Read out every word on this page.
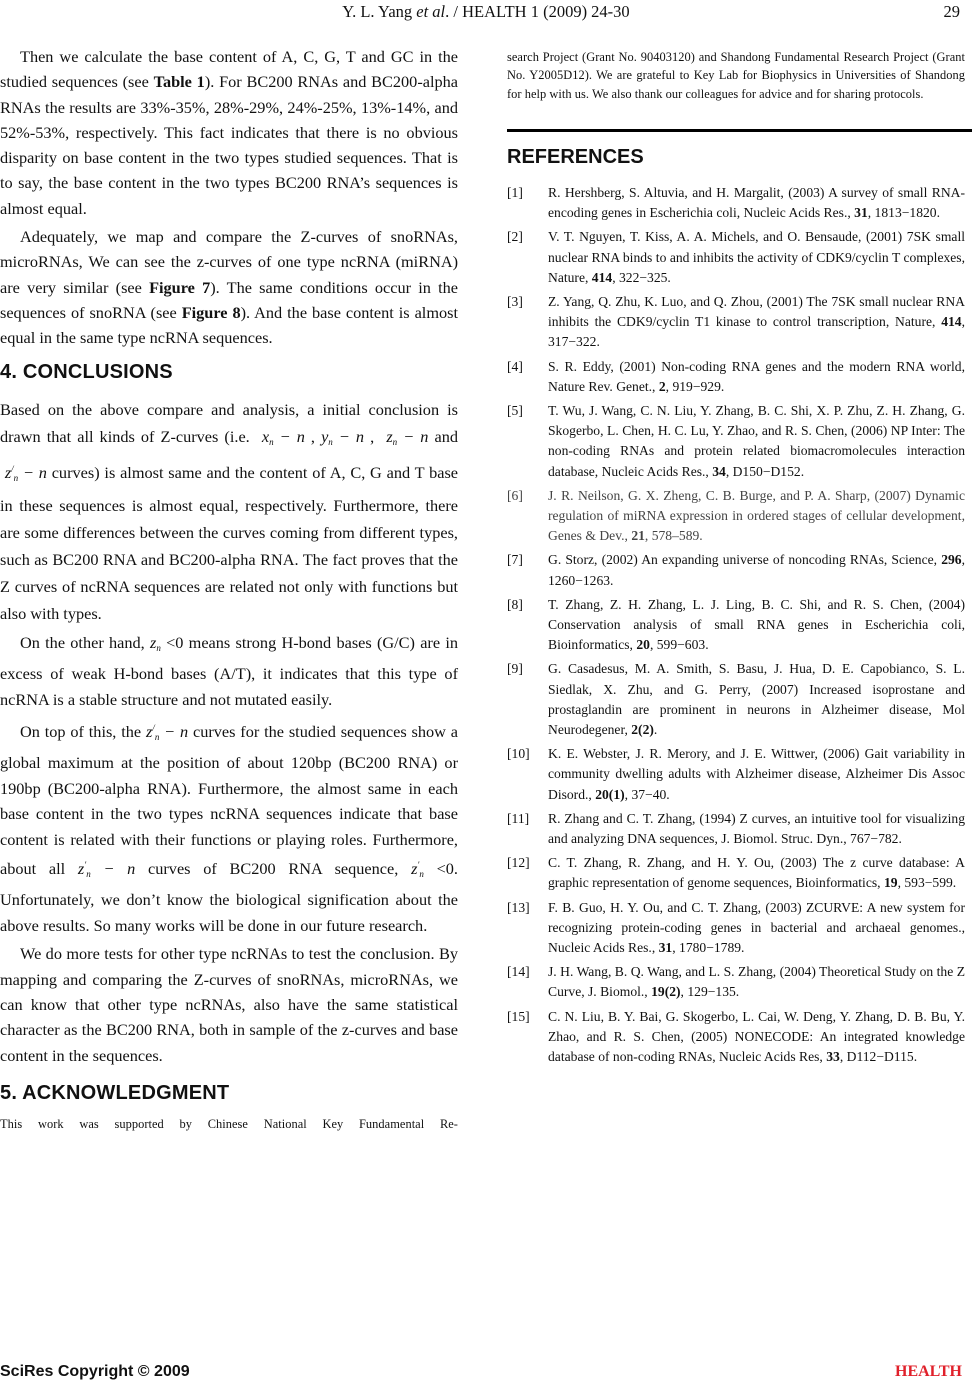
Y. L. Yang et al. / HEALTH 1 (2009) 24-30	29

Then we calculate the base content of A, C, G, T and GC in the studied sequences (see Table 1). For BC200 RNAs and BC200-alpha RNAs the results are 33%-35%, 28%-29%, 24%-25%, 13%-14%, and 52%-53%, respectively. This fact indicates that there is no obvious disparity on base content in the two types studied sequences. That is to say, the base content in the two types BC200 RNA’s sequences is almost equal.

Adequately, we map and compare the Z-curves of snoRNAs, microRNAs, We can see the z-curves of one type ncRNA (miRNA) are very similar (see Figure 7). The same conditions occur in the sequences of snoRNA (see Figure 8). And the base content is almost equal in the same type ncRNA sequences.

4. CONCLUSIONS

Based on the above compare and analysis, a initial conclusion is drawn that all kinds of Z-curves (i.e.  $x_n - n$ , $y_n - n$ ,  $z_n - n$ and  $z^/_n - n$ curves) is almost same and the content of A, C, G and T base in these sequences is almost equal, respectively. Furthermore, there are some differences between the curves coming from different types, such as BC200 RNA and BC200-alpha RNA. The fact proves that the Z curves of ncRNA sequences are related not only with functions but also with types.

On the other hand, $z_n <0$ means strong H-bond bases (G/C) are in excess of weak H-bond bases (A/T), it indicates that this type of ncRNA is a stable structure and not mutated easily.

On top of this, the $z^/_n - n$ curves for the studied sequences show a global maximum at the position of about 120bp (BC200 RNA) or 190bp (BC200-alpha RNA). Furthermore, the almost same in each base content in the two types ncRNA sequences indicate that base content is related with their functions or playing roles. Furthermore, about all $z'_n - n$ curves of BC200 RNA sequence, $z'_n <0$. Unfortunately, we don’t know the biological signification about the above results. So many works will be done in our future research.

We do more tests for other type ncRNAs to test the conclusion. By mapping and comparing the Z-curves of snoRNAs, microRNAs, we can know that other type ncRNAs, also have the same statistical character as the BC200 RNA, both in sample of the z-curves and base content in the sequences.

5. ACKNOWLEDGMENT

This work was supported by Chinese National Key Fundamental Re-

search Project (Grant No. 90403120) and Shandong Fundamental Research Project (Grant No. Y2005D12). We are grateful to Key Lab for Biophysics in Universities of Shandong for help with us. We also thank our colleagues for advice and for sharing protocols.

REFERENCES
[1]	R. Hershberg, S. Altuvia, and H. Margalit, (2003) A survey of small RNA-encoding genes in Escherichia coli, Nucleic Acids Res., 31, 1813−1820.
[2]	V. T. Nguyen, T. Kiss, A. A. Michels, and O. Bensaude, (2001) 7SK small nuclear RNA binds to and inhibits the activity of CDK9/cyclin T complexes, Nature, 414, 322−325.
[3]	Z. Yang, Q. Zhu, K. Luo, and Q. Zhou, (2001) The 7SK small nuclear RNA inhibits the CDK9/cyclin T1 kinase to control transcription, Nature, 414, 317−322.
[4]	S. R. Eddy, (2001) Non-coding RNA genes and the modern RNA world, Nature Rev. Genet., 2, 919−929.
[5]	T. Wu, J. Wang, C. N. Liu, Y. Zhang, B. C. Shi, X. P. Zhu, Z. H. Zhang, G. Skogerbo, L. Chen, H. C. Lu, Y. Zhao, and R. S. Chen, (2006) NP Inter: The non-coding RNAs and protein related biomacromolecules interaction database, Nucleic Acids Res., 34, D150−D152.
[6]	J. R. Neilson, G. X. Zheng, C. B. Burge, and P. A. Sharp, (2007) Dynamic regulation of miRNA expression in ordered stages of cellular development, Genes & Dev., 21, 578–589.
[7]	G. Storz, (2002) An expanding universe of noncoding RNAs, Science, 296, 1260−1263.
[8]	T. Zhang, Z. H. Zhang, L. J. Ling, B. C. Shi, and R. S. Chen, (2004) Conservation analysis of small RNA genes in Escherichia coli, Bioinformatics, 20, 599−603.
[9]	G. Casadesus, M. A. Smith, S. Basu, J. Hua, D. E. Capobianco, S. L. Siedlak, X. Zhu, and G. Perry, (2007) Increased isoprostane and prostaglandin are prominent in neurons in Alzheimer disease, Mol Neurodegener, 2(2).
[10]	K. E. Webster, J. R. Merory, and J. E. Wittwer, (2006) Gait variability in community dwelling adults with Alzheimer disease, Alzheimer Dis Assoc Disord., 20(1), 37−40.
[11]	R. Zhang and C. T. Zhang, (1994) Z curves, an intuitive tool for visualizing and analyzing DNA sequences, J. Biomol. Struc. Dyn., 767−782.
[12]	C. T. Zhang, R. Zhang, and H. Y. Ou, (2003) The z curve database: A graphic representation of genome sequences, Bioinformatics, 19, 593−599.
[13]	F. B. Guo, H. Y. Ou, and C. T. Zhang, (2003) ZCURVE: A new system for recognizing protein-coding genes in bacterial and archaeal genomes., Nucleic Acids Res., 31, 1780−1789.
[14]	J. H. Wang, B. Q. Wang, and L. S. Zhang, (2004) Theoretical Study on the Z Curve, J. Biomol., 19(2), 129−135.
[15]	C. N. Liu, B. Y. Bai, G. Skogerbo, L. Cai, W. Deng, Y. Zhang, D. B. Bu, Y. Zhao, and R. S. Chen, (2005) NONECODE: An integrated knowledge database of non-coding RNAs, Nucleic Acids Res, 33, D112−D115.
SciRes Copyright © 2009	HEALTH
